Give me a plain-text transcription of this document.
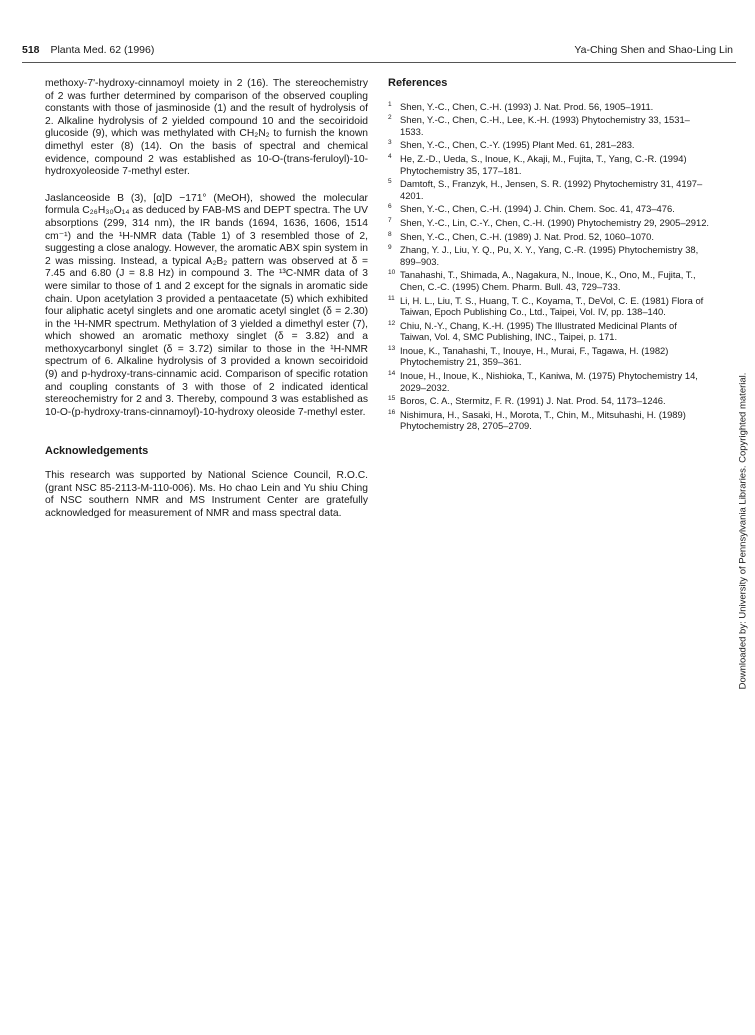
518 Planta Med. 62 (1996)	Ya-Ching Shen and Shao-Ling Lin

methoxy-7'-hydroxy-cinnamoyl moiety in 2 (16). The stereochemistry of 2 was further determined by comparison of the observed coupling constants with those of jasminoside (1) and the result of hydrolysis of 2. Alkaline hydrolysis of 2 yielded compound 10 and the secoiridoid glucoside (9), which was methylated with CH₂N₂ to furnish the known dimethyl ester (8) (14). On the basis of spectral and chemical evidence, compound 2 was established as 10-O-(trans-feruloyl)-10-hydroxyoleoside 7-methyl ester.

Jaslanceoside B (3), [α]D −171° (MeOH), showed the molecular formula C₂₆H₃₀O₁₄ as deduced by FAB-MS and DEPT spectra. The UV absorptions (299, 314 nm), the IR bands (1694, 1636, 1606, 1514 cm⁻¹) and the ¹H-NMR data (Table 1) of 3 resembled those of 2, suggesting a close analogy. However, the aromatic ABX spin system in 2 was missing. Instead, a typical A₂B₂ pattern was observed at δ = 7.45 and 6.80 (J = 8.8 Hz) in compound 3. The ¹³C-NMR data of 3 were similar to those of 1 and 2 except for the signals in aromatic side chain. Upon acetylation 3 provided a pentaacetate (5) which exhibited four aliphatic acetyl singlets and one aromatic acetyl singlet (δ = 2.30) in the ¹H-NMR spectrum. Methylation of 3 yielded a dimethyl ester (7), which showed an aromatic methoxy singlet (δ = 3.82) and a methoxycarbonyl singlet (δ = 3.72) similar to those in the ¹H-NMR spectrum of 6. Alkaline hydrolysis of 3 provided a known secoiridoid (9) and p-hydroxy-trans-cinnamic acid. Comparison of specific rotation and coupling constants of 3 with those of 2 indicated identical stereochemistry for 2 and 3. Thereby, compound 3 was established as 10-O-(p-hydroxy-trans-cinnamoyl)-10-hydroxy oleoside 7-methyl ester.

Acknowledgements

This research was supported by National Science Council, R.O.C. (grant NSC 85-2113-M-110-006). Ms. Ho chao Lein and Yu shiu Ching of NSC southern NMR and MS Instrument Center are gratefully acknowledged for measurement of NMR and mass spectral data.

References
1 Shen, Y.-C., Chen, C.-H. (1993) J. Nat. Prod. 56, 1905–1911.
2 Shen, Y.-C., Chen, C.-H., Lee, K.-H. (1993) Phytochemistry 33, 1531–1533.
3 Shen, Y.-C., Chen, C.-Y. (1995) Plant Med. 61, 281–283.
4 He, Z.-D., Ueda, S., Inoue, K., Akaji, M., Fujita, T., Yang, C.-R. (1994) Phytochemistry 35, 177–181.
5 Damtoft, S., Franzyk, H., Jensen, S. R. (1992) Phytochemistry 31, 4197–4201.
6 Shen, Y.-C., Chen, C.-H. (1994) J. Chin. Chem. Soc. 41, 473–476.
7 Shen, Y.-C., Lin, C.-Y., Chen, C.-H. (1990) Phytochemistry 29, 2905–2912.
8 Shen, Y.-C., Chen, C.-H. (1989) J. Nat. Prod. 52, 1060–1070.
9 Zhang, Y. J., Liu, Y. Q., Pu, X. Y., Yang, C.-R. (1995) Phytochemistry 38, 899–903.
10 Tanahashi, T., Shimada, A., Nagakura, N., Inoue, K., Ono, M., Fujita, T., Chen, C.-C. (1995) Chem. Pharm. Bull. 43, 729–733.
11 Li, H. L., Liu, T. S., Huang, T. C., Koyama, T., DeVol, C. E. (1981) Flora of Taiwan, Epoch Publishing Co., Ltd., Taipei, Vol. IV, pp. 138–140.
12 Chiu, N.-Y., Chang, K.-H. (1995) The Illustrated Medicinal Plants of Taiwan, Vol. 4, SMC Publishing, INC., Taipei, p. 171.
13 Inoue, K., Tanahashi, T., Inouye, H., Murai, F., Tagawa, H. (1982) Phytochemistry 21, 359–361.
14 Inoue, H., Inoue, K., Nishioka, T., Kaniwa, M. (1975) Phytochemistry 14, 2029–2032.
15 Boros, C. A., Stermitz, F. R. (1991) J. Nat. Prod. 54, 1173–1246.
16 Nishimura, H., Sasaki, H., Morota, T., Chin, M., Mitsuhashi, H. (1989) Phytochemistry 28, 2705–2709.	Downloaded by: University of Pennsylvania Libraries. Copyrighted material.
